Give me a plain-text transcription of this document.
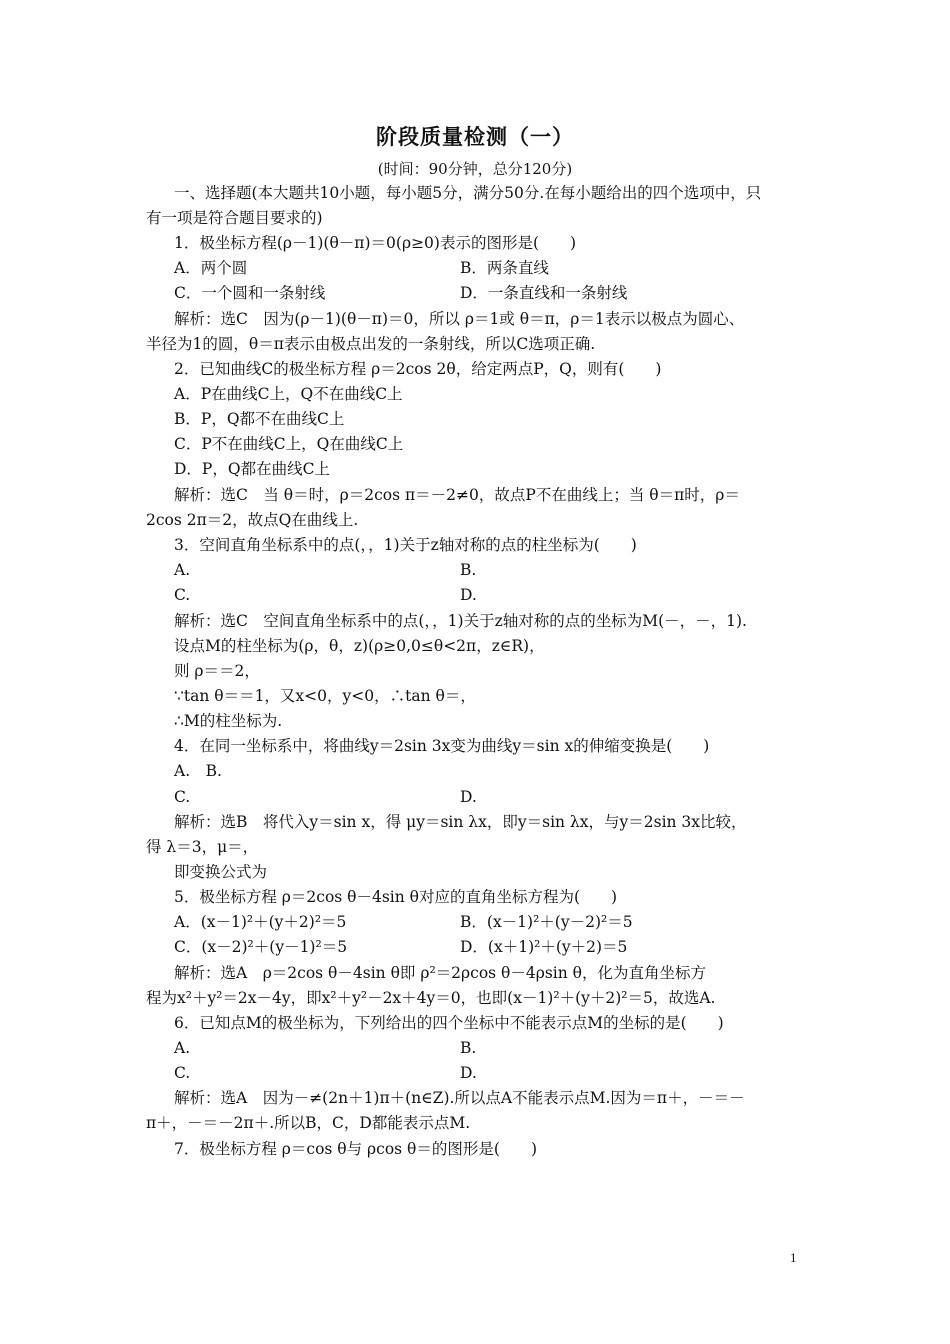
阶段质量检测（一）
(时间：90分钟，总分120分)
一、选择题(本大题共10小题，每小题5分，满分50分.在每小题给出的四个选项中，只
有一项是符合题目要求的)
1．极坐标方程(ρ－1)(θ－π)＝0(ρ≥0)表示的图形是(　　)
A．两个圆	B．两条直线
C．一个圆和一条射线	D．一条直线和一条射线
解析：选C　因为(ρ－1)(θ－π)＝0，所以 ρ＝1或 θ＝π，ρ＝1表示以极点为圆心、
半径为1的圆，θ＝π表示由极点出发的一条射线，所以C选项正确.
2．已知曲线C的极坐标方程 ρ＝2cos 2θ，给定两点P，Q，则有(　　)
A．P在曲线C上，Q不在曲线C上
B．P，Q都不在曲线C上
C．P不在曲线C上，Q在曲线C上
D．P，Q都在曲线C上
解析：选C　当 θ＝时，ρ＝2cos π＝－2≠0，故点P不在曲线上；当 θ＝π时，ρ＝
2cos 2π＝2，故点Q在曲线上.
3．空间直角坐标系中的点(，，1)关于z轴对称的点的柱坐标为(　　)
A.	B.
C.	D.
解析：选C　空间直角坐标系中的点(，，1)关于z轴对称的点的坐标为M(－，－，1).
设点M的柱坐标为(ρ，θ，z)(ρ≥0,0≤θ<2π，z∈R)，
则 ρ＝＝2，
∵tan θ＝＝1，又x<0，y<0，∴tan θ＝，
∴M的柱坐标为.
4．在同一坐标系中，将曲线y＝2sin 3x变为曲线y＝sin x的伸缩变换是(　　)
A.　B.
C.	D.
解析：选B　将代入y＝sin x，得 μy＝sin λx，即y＝sin λx，与y＝2sin 3x比较，
得 λ＝3，μ＝，
即变换公式为
5．极坐标方程 ρ＝2cos θ－4sin θ对应的直角坐标方程为(　　)
A．(x－1)²＋(y＋2)²＝5	B．(x－1)²＋(y－2)²＝5
C．(x－2)²＋(y－1)²＝5	D．(x＋1)²＋(y＋2)＝5
解析：选A　ρ＝2cos θ－4sin θ即 ρ²＝2ρcos θ－4ρsin θ，化为直角坐标方
程为x²＋y²＝2x－4y，即x²＋y²－2x＋4y＝0，也即(x－1)²＋(y＋2)²＝5，故选A.
6．已知点M的极坐标为，下列给出的四个坐标中不能表示点M的坐标的是(　　)
A.	B.
C.	D.
解析：选A　因为－≠(2n＋1)π＋(n∈Z).所以点A不能表示点M.因为＝π＋，－＝－
π＋，－＝－2π＋.所以B，C，D都能表示点M.
7．极坐标方程 ρ＝cos θ与 ρcos θ＝的图形是(　　)
1
